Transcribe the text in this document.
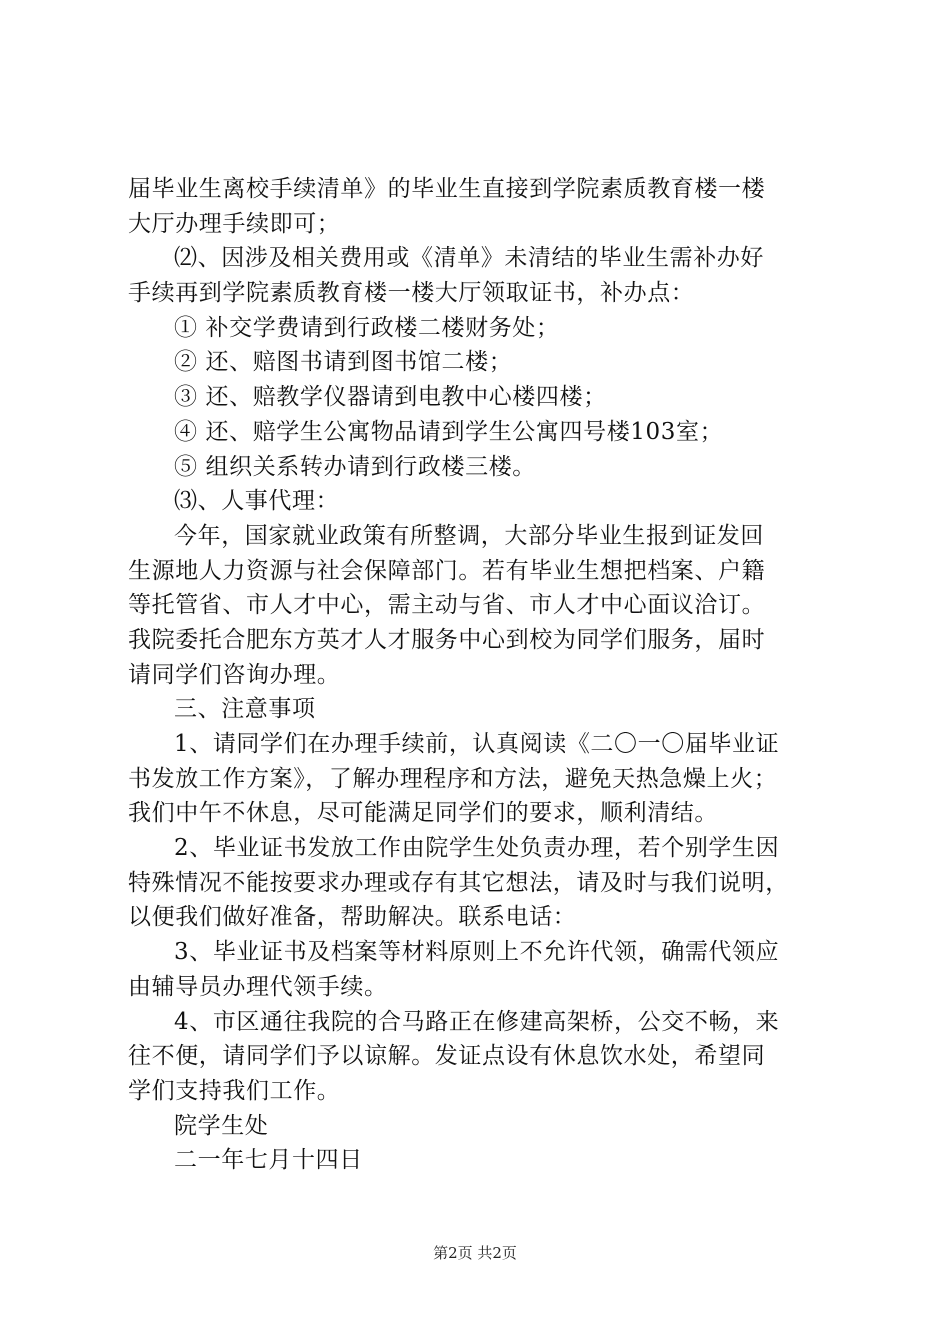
届毕业生离校手续清单》的毕业生直接到学院素质教育楼一楼
大厅办理手续即可；
⑵、因涉及相关费用或《清单》未清结的毕业生需补办好
手续再到学院素质教育楼一楼大厅领取证书，补办点：
① 补交学费请到行政楼二楼财务处；
② 还、赔图书请到图书馆二楼；
③ 还、赔教学仪器请到电教中心楼四楼；
④ 还、赔学生公寓物品请到学生公寓四号楼103室；
⑤ 组织关系转办请到行政楼三楼。
⑶、人事代理：
今年，国家就业政策有所整调，大部分毕业生报到证发回
生源地人力资源与社会保障部门。若有毕业生想把档案、户籍
等托管省、市人才中心，需主动与省、市人才中心面议洽订。
我院委托合肥东方英才人才服务中心到校为同学们服务，届时
请同学们咨询办理。
三、注意事项
1、请同学们在办理手续前，认真阅读《二〇一〇届毕业证
书发放工作方案》，了解办理程序和方法，避免天热急燥上火；
我们中午不休息，尽可能满足同学们的要求，顺利清结。
2、毕业证书发放工作由院学生处负责办理，若个别学生因
特殊情况不能按要求办理或存有其它想法，请及时与我们说明，
以便我们做好准备，帮助解决。联系电话：
3、毕业证书及档案等材料原则上不允许代领，确需代领应
由辅导员办理代领手续。
4、市区通往我院的合马路正在修建高架桥，公交不畅，来
往不便，请同学们予以谅解。发证点设有休息饮水处，希望同
学们支持我们工作。
院学生处
二一年七月十四日
第2页 共2页
